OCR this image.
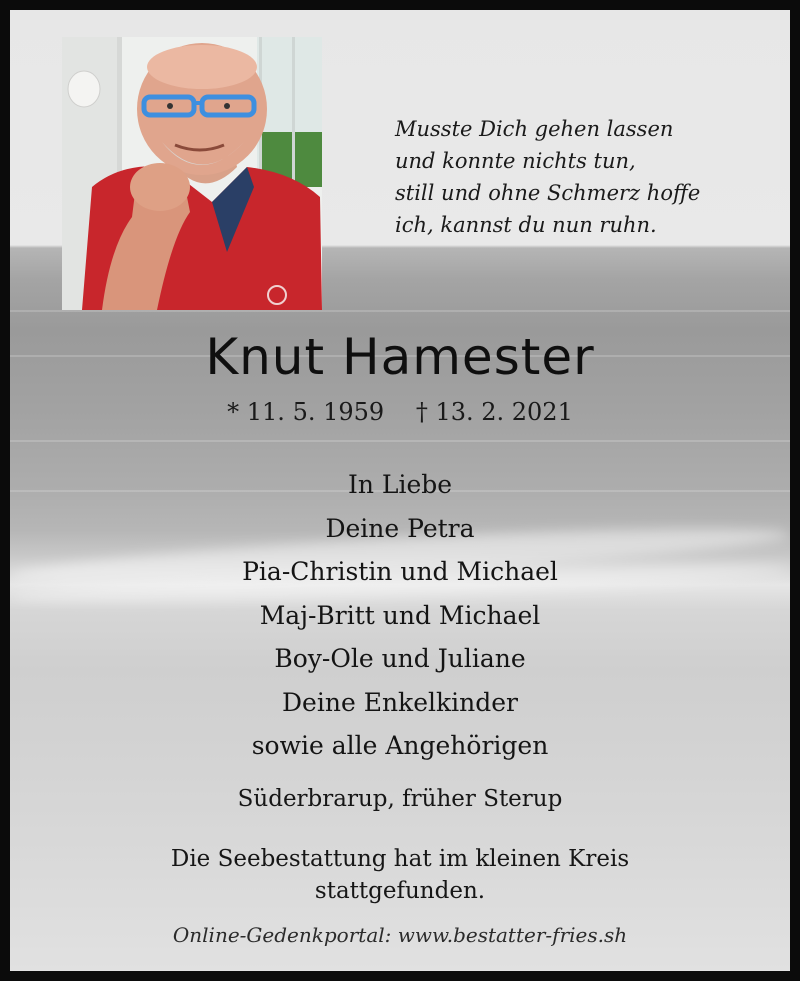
Musste Dich gehen lassen
und konnte nichts tun,
still und ohne Schmerz hoffe
ich, kannst du nun ruhn.
Knut Hamester
* 11. 5. 1959 † 13. 2. 2021
In Liebe
Deine Petra
Pia-Christin und Michael
Maj-Britt und Michael
Boy-Ole und Juliane
Deine Enkelkinder
sowie alle Angehörigen
Süderbrarup, früher Sterup
Die Seebestattung hat im kleinen Kreis
stattgefunden.
Online-Gedenkportal: www.bestatter-fries.sh
